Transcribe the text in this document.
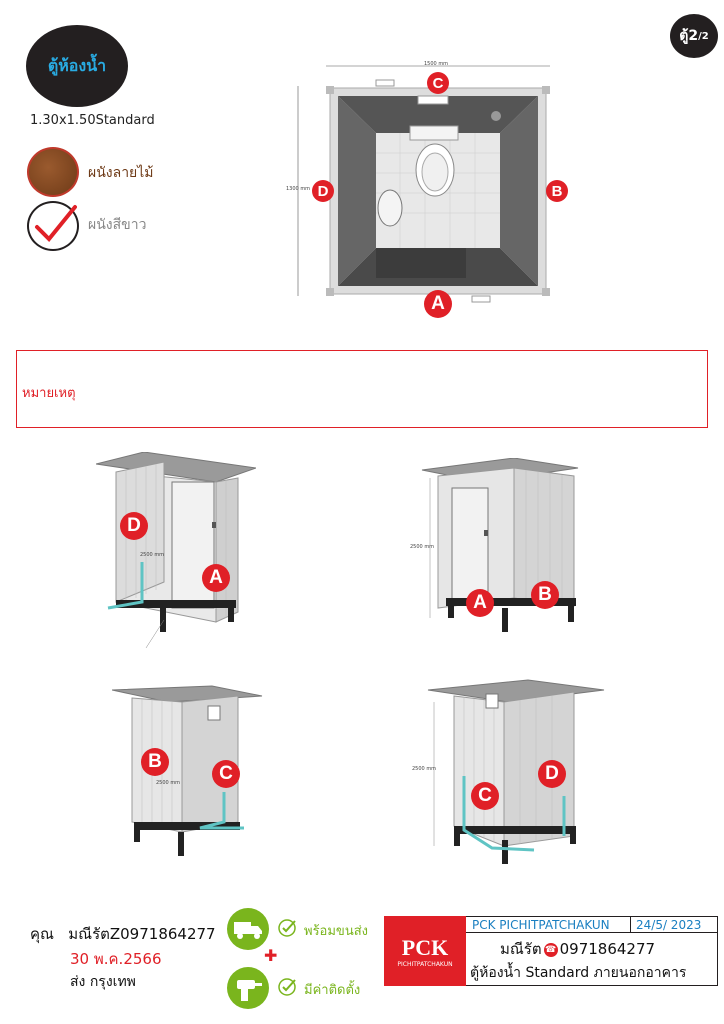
ตู้ห้องน้ำ
1.30x1.50Standard
ตู้ 2 /2
ผนังลายไม้
ผนังสีขาว
1500 mm
1300 mm
C
B
D
A
หมายเหตุ
2500 mm
D
A
2500 mm
A	B
2500 mm
B
C	2500 mm
C
D
คุณ มณีรัตZ0971864277
30 พ.ค.2566
ส่ง กรุงเทพ
พร้อมขนส่ง
✚
มีค่าติดตั้ง
PCK
PICHITPATCHAKUN
PCK PICHITPATCHAKUN 24/5/ 2023
มณีรัต ☎ 0971864277
ตู้ห้องน้ำ Standard ภายนอกอาคาร
